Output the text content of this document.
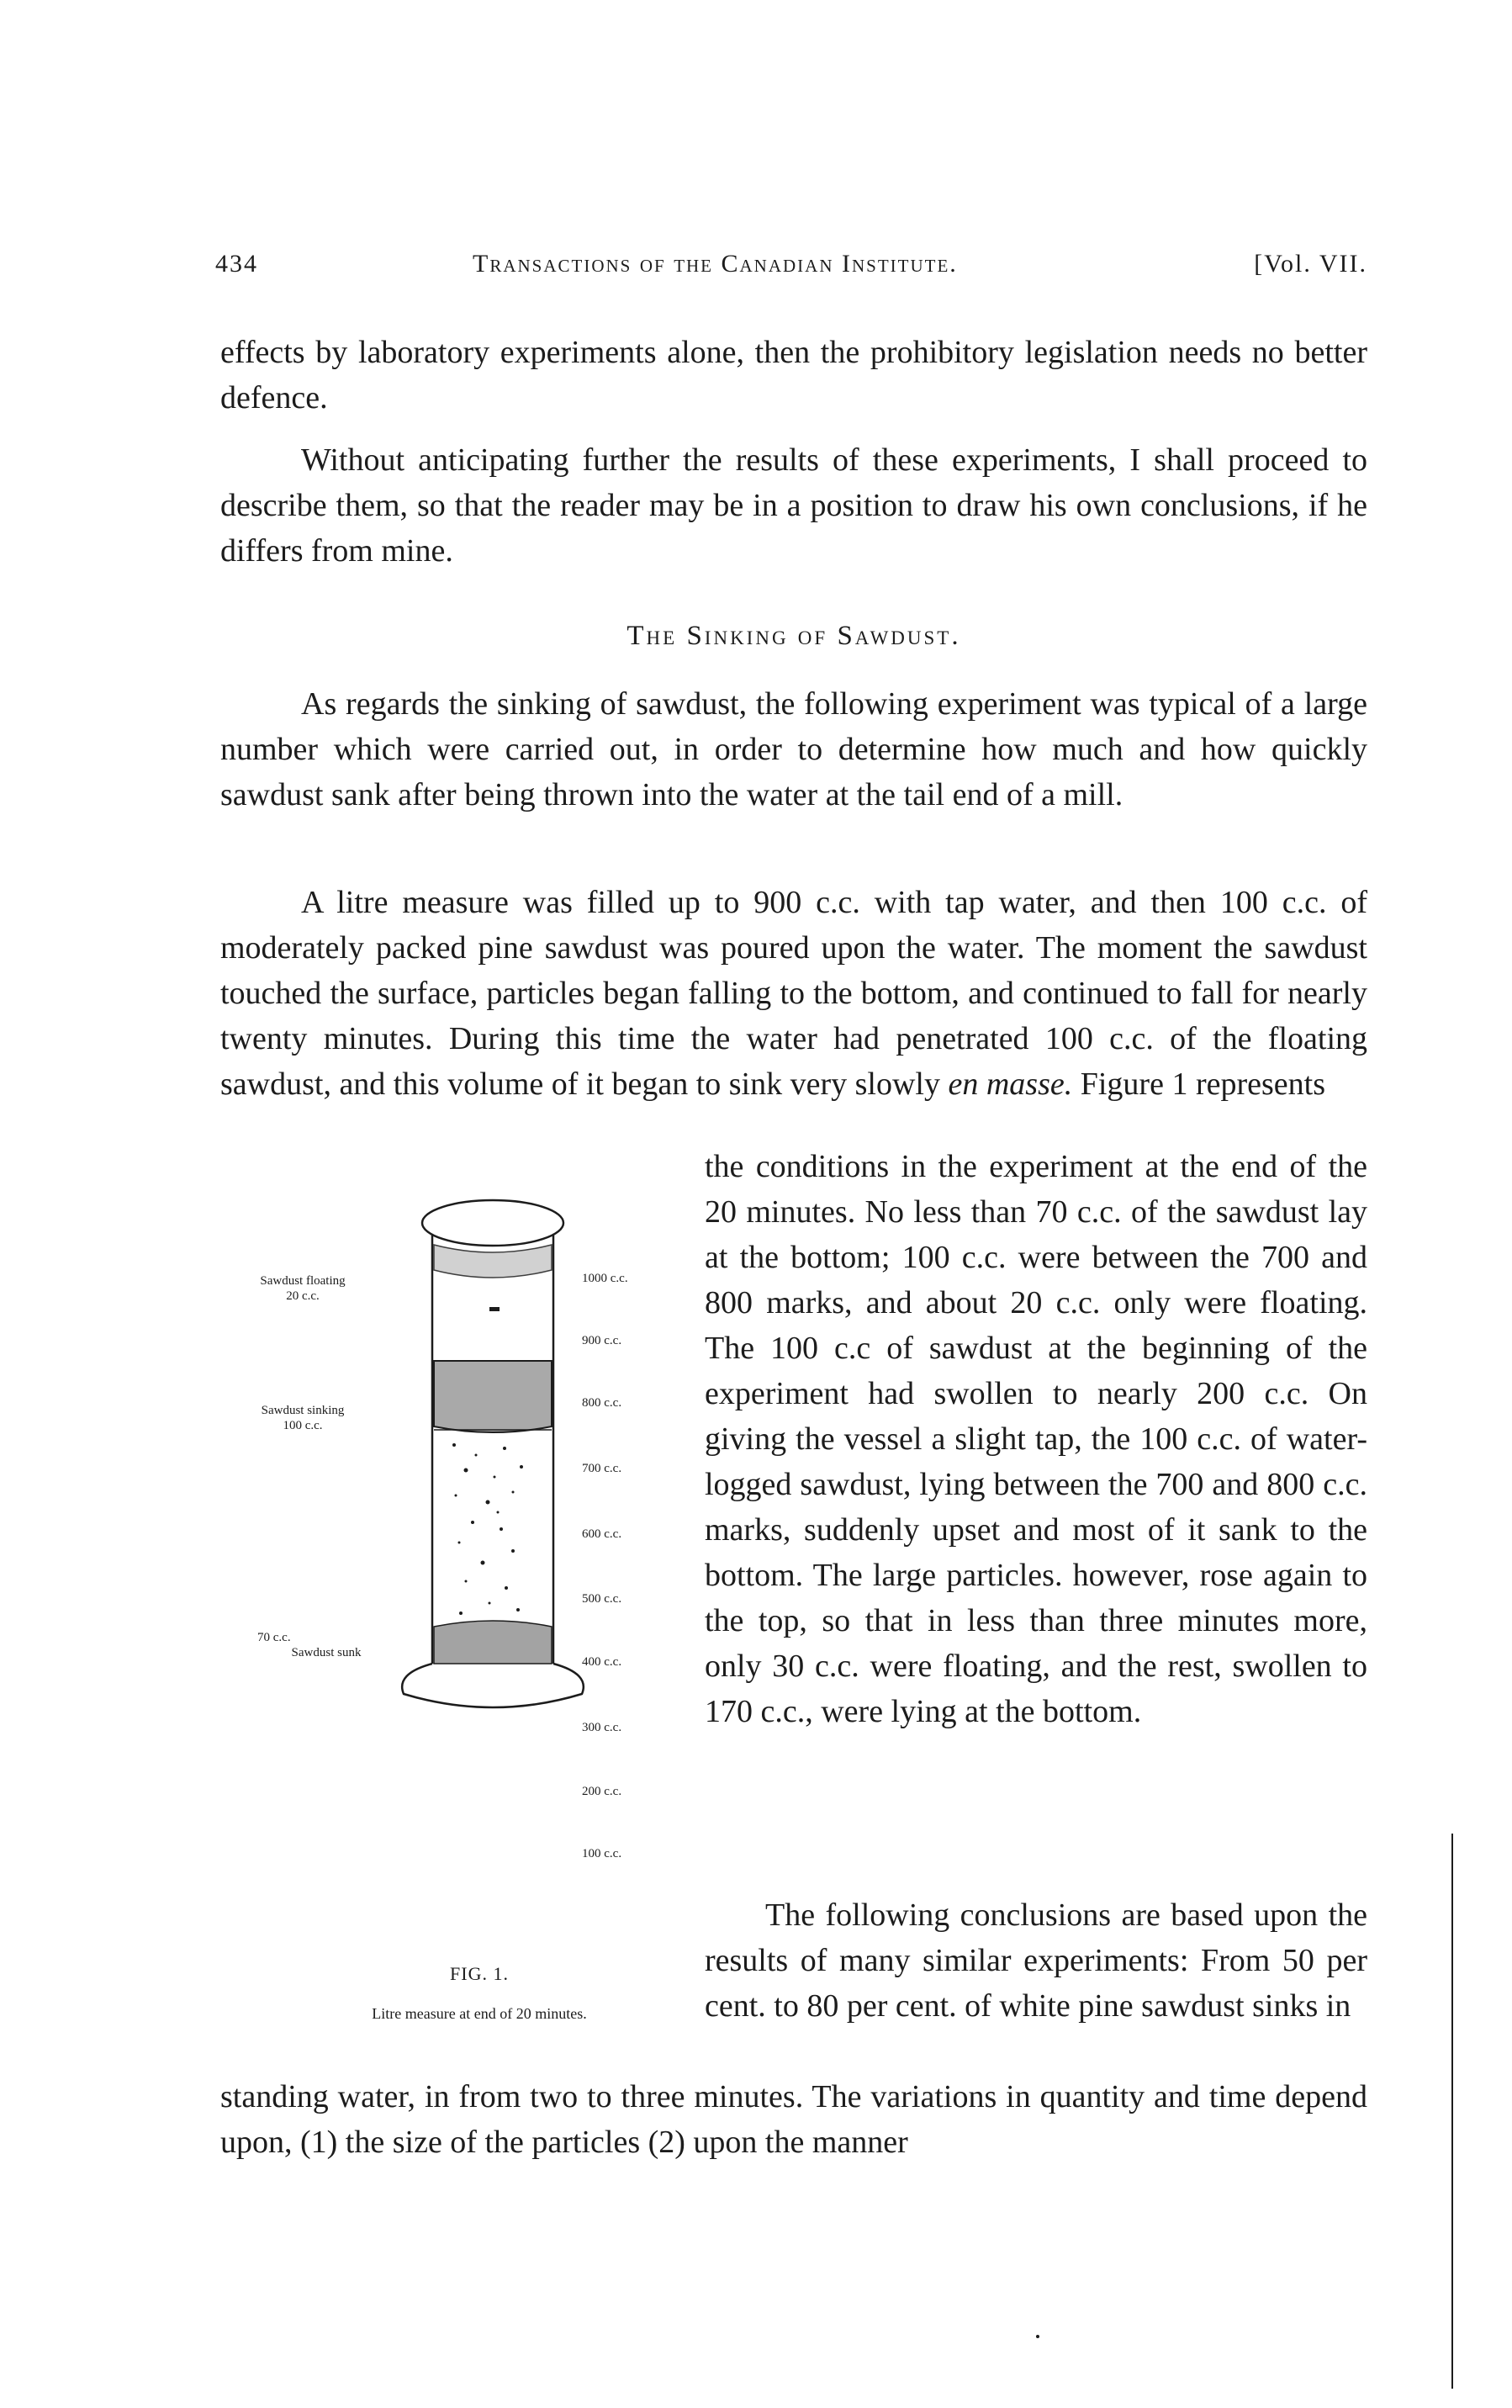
434	Transactions of the Canadian Institute.	[Vol. VII.

effects by laboratory experiments alone, then the prohibitory legislation needs no better defence.

Without anticipating further the results of these experiments, I shall proceed to describe them, so that the reader may be in a position to draw his own conclusions, if he differs from mine.

The Sinking of Sawdust.

As regards the sinking of sawdust, the following experiment was typical of a large number which were carried out, in order to determine how much and how quickly sawdust sank after being thrown into the water at the tail end of a mill.

A litre measure was filled up to 900 c.c. with tap water, and then 100 c.c. of moderately packed pine sawdust was poured upon the water. The moment the sawdust touched the surface, particles began falling to the bottom, and continued to fall for nearly twenty minutes. During this time the water had penetrated 100 c.c. of the floating sawdust, and this volume of it began to sink very slowly en masse. Figure 1 represents

the conditions in the experiment at the end of the 20 minutes. No less than 70 c.c. of the sawdust lay at the bottom; 100 c.c. were between the 700 and 800 marks, and about 20 c.c. only were floating. The 100 c.c of sawdust at the beginning of the experiment had swollen to nearly 200 c.c. On giving the vessel a slight tap, the 100 c.c. of water-logged sawdust, lying between the 700 and 800 c.c. marks, suddenly upset and most of it sank to the bottom. The large particles. however, rose again to the top, so that in less than three minutes more, only 30 c.c. were floating, and the rest, swollen to 170 c.c., were lying at the bottom.

The following conclusions are based upon the results of many similar experiments: From 50 per cent. to 80 per cent. of white pine sawdust sinks in

standing water, in from two to three minutes. The variations in quantity and time depend upon, (1) the size of the particles (2) upon the manner

Sawdust floating
20 c.c.
Sawdust sinking
100 c.c.
70 c.c.
Sawdust sunk
1000 c.c.
900 c.c.
800 c.c.
700 c.c.
600 c.c.
500 c.c.
400 c.c.
300 c.c.
200 c.c.
100 c.c.
FIG. 1.
Litre measure at end of 20 minutes.
